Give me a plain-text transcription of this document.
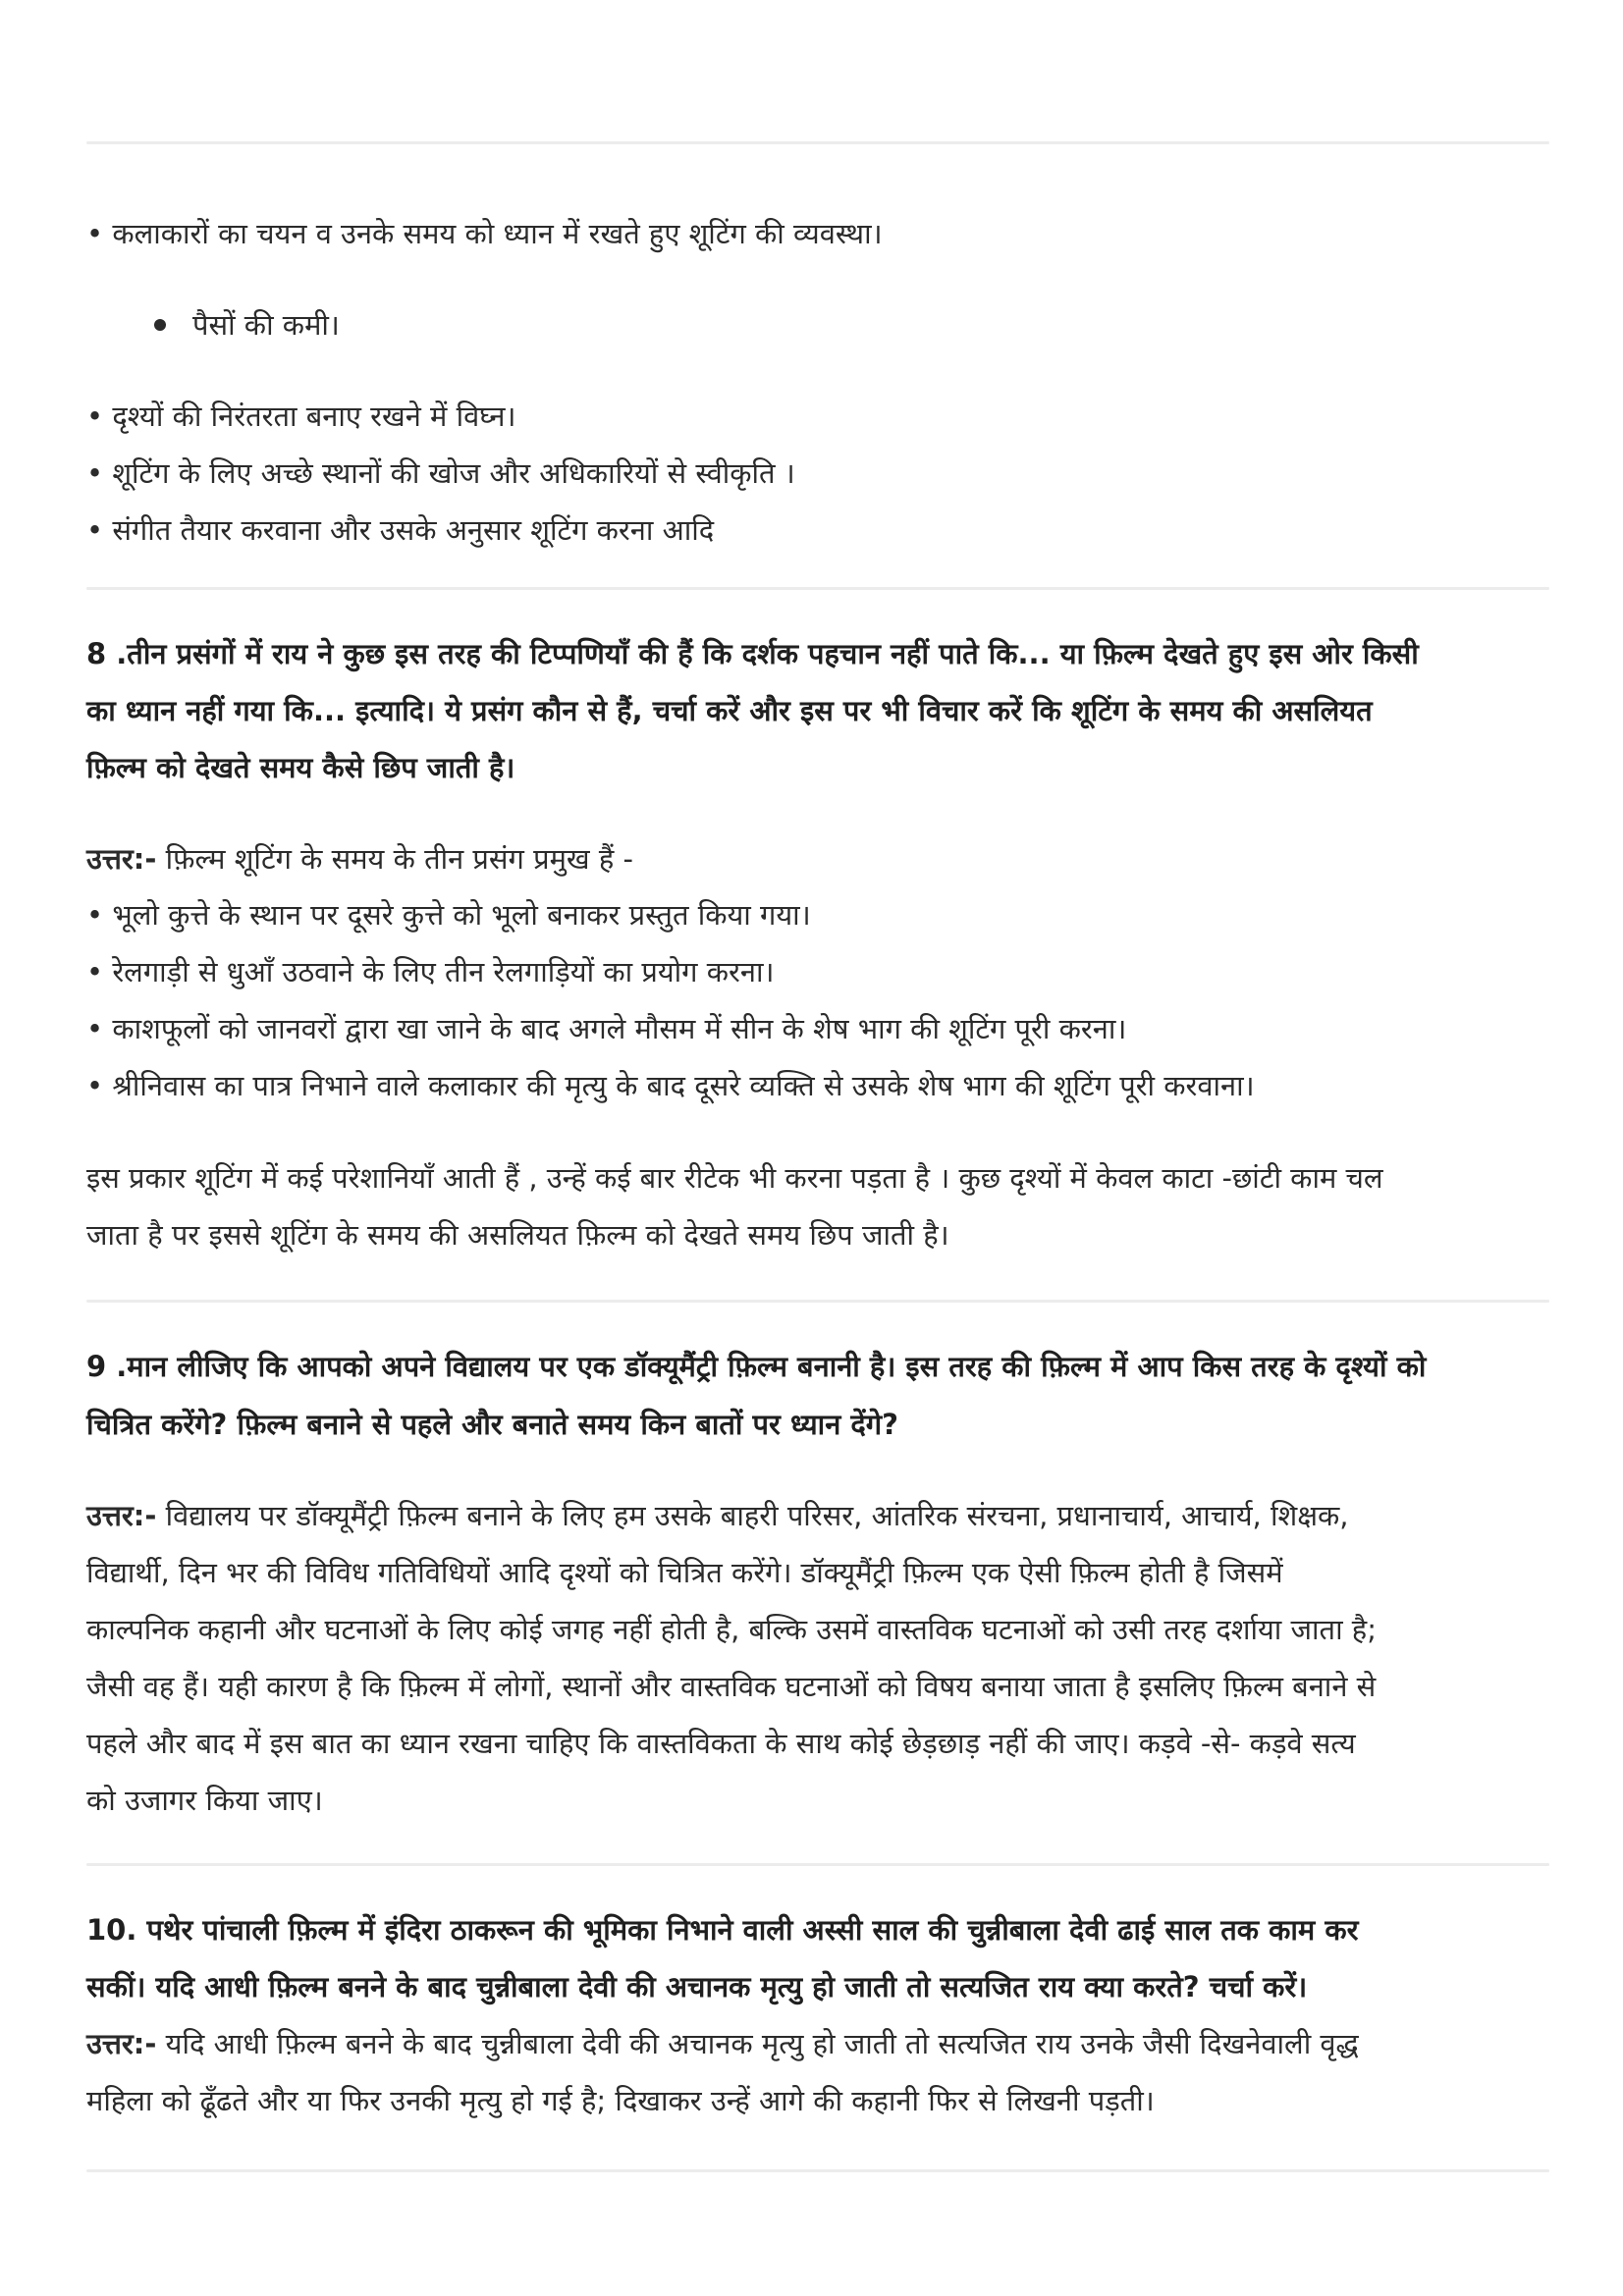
• कलाकारों का चयन व उनके समय को ध्यान में रखते हुए शूटिंग की व्यवस्था।
पैसों की कमी।
• दृश्यों की निरंतरता बनाए रखने में विघ्न।
• शूटिंग के लिए अच्छे स्थानों की खोज और अधिकारियों से स्वीकृति ।
• संगीत तैयार करवाना और उसके अनुसार शूटिंग करना आदि
8 .तीन प्रसंगों में राय ने कुछ इस तरह की टिप्पणियाँ की हैं कि दर्शक पहचान नहीं पाते कि... या फ़िल्म देखते हुए इस ओर किसी
का ध्यान नहीं गया कि... इत्यादि। ये प्रसंग कौन से हैं, चर्चा करें और इस पर भी विचार करें कि शूटिंग के समय की असलियत
फ़िल्म को देखते समय कैसे छिप जाती है।
उत्तर:- फ़िल्म शूटिंग के समय के तीन प्रसंग प्रमुख हैं -
• भूलो कुत्ते के स्थान पर दूसरे कुत्ते को भूलो बनाकर प्रस्तुत किया गया।
• रेलगाड़ी से धुआँ उठवाने के लिए तीन रेलगाड़ियों का प्रयोग करना।
• काशफूलों को जानवरों द्वारा खा जाने के बाद अगले मौसम में सीन के शेष भाग की शूटिंग पूरी करना।
• श्रीनिवास का पात्र निभाने वाले कलाकार की मृत्यु के बाद दूसरे व्यक्ति से उसके शेष भाग की शूटिंग पूरी करवाना।
इस प्रकार शूटिंग में कई परेशानियाँ आती हैं , उन्हें कई बार रीटेक भी करना पड़ता है । कुछ दृश्यों में केवल काटा -छांटी काम चल
जाता है पर इससे शूटिंग के समय की असलियत फ़िल्म को देखते समय छिप जाती है।
9 .मान लीजिए कि आपको अपने विद्यालय पर एक डॉक्यूमैंट्री फ़िल्म बनानी है। इस तरह की फ़िल्म में आप किस तरह के दृश्यों को
चित्रित करेंगे? फ़िल्म बनाने से पहले और बनाते समय किन बातों पर ध्यान देंगे?
उत्तर:- विद्यालय पर डॉक्यूमैंट्री फ़िल्म बनाने के लिए हम उसके बाहरी परिसर, आंतरिक संरचना, प्रधानाचार्य, आचार्य, शिक्षक,
विद्यार्थी, दिन भर की विविध गतिविधियों आदि दृश्यों को चित्रित करेंगे। डॉक्यूमैंट्री फ़िल्म एक ऐसी फ़िल्म होती है जिसमें
काल्पनिक कहानी और घटनाओं के लिए कोई जगह नहीं होती है, बल्कि उसमें वास्तविक घटनाओं को उसी तरह दर्शाया जाता है;
जैसी वह हैं। यही कारण है कि फ़िल्म में लोगों, स्थानों और वास्तविक घटनाओं को विषय बनाया जाता है इसलिए फ़िल्म बनाने से
पहले और बाद में इस बात का ध्यान रखना चाहिए कि वास्तविकता के साथ कोई छेड़छाड़ नहीं की जाए। कड़वे -से- कड़वे सत्य
को उजागर किया जाए।
10. पथेर पांचाली फ़िल्म में इंदिरा ठाकरून की भूमिका निभाने वाली अस्सी साल की चुन्नीबाला देवी ढाई साल तक काम कर
सकीं। यदि आधी फ़िल्म बनने के बाद चुन्नीबाला देवी की अचानक मृत्यु हो जाती तो सत्यजित राय क्या करते? चर्चा करें।
उत्तर:- यदि आधी फ़िल्म बनने के बाद चुन्नीबाला देवी की अचानक मृत्यु हो जाती तो सत्यजित राय उनके जैसी दिखनेवाली वृद्ध
महिला को ढूँढते और या फिर उनकी मृत्यु हो गई है; दिखाकर उन्हें आगे की कहानी फिर से लिखनी पड़ती।
